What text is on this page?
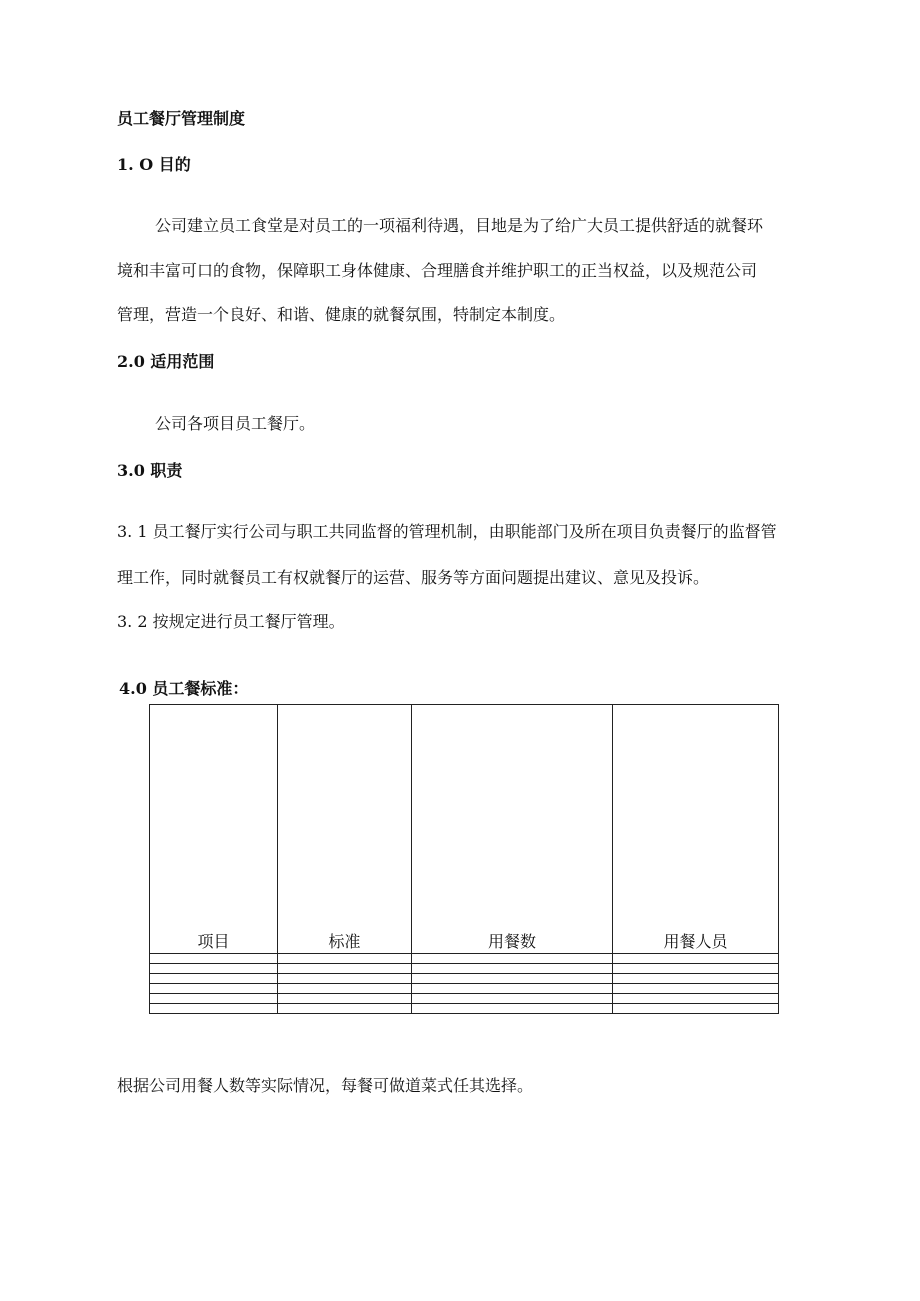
员工餐厅管理制度
1. O 目的
公司建立员工食堂是对员工的一项福利待遇，目地是为了给广大员工提供舒适的就餐环
境和丰富可口的食物，保障职工身体健康、合理膳食并维护职工的正当权益，以及规范公司
管理，营造一个良好、和谐、健康的就餐氛围，特制定本制度。
2.0 适用范围
公司各项目员工餐厅。
3.0 职责
3. 1 员工餐厅实行公司与职工共同监督的管理机制，由职能部门及所在项目负责餐厅的监督管
理工作，同时就餐员工有权就餐厅的运营、服务等方面问题提出建议、意见及投诉。
3. 2 按规定进行员工餐厅管理。
4.0 员工餐标准：
项目	标准	用餐数	用餐人员

根据公司用餐人数等实际情况，每餐可做道菜式任其选择。
